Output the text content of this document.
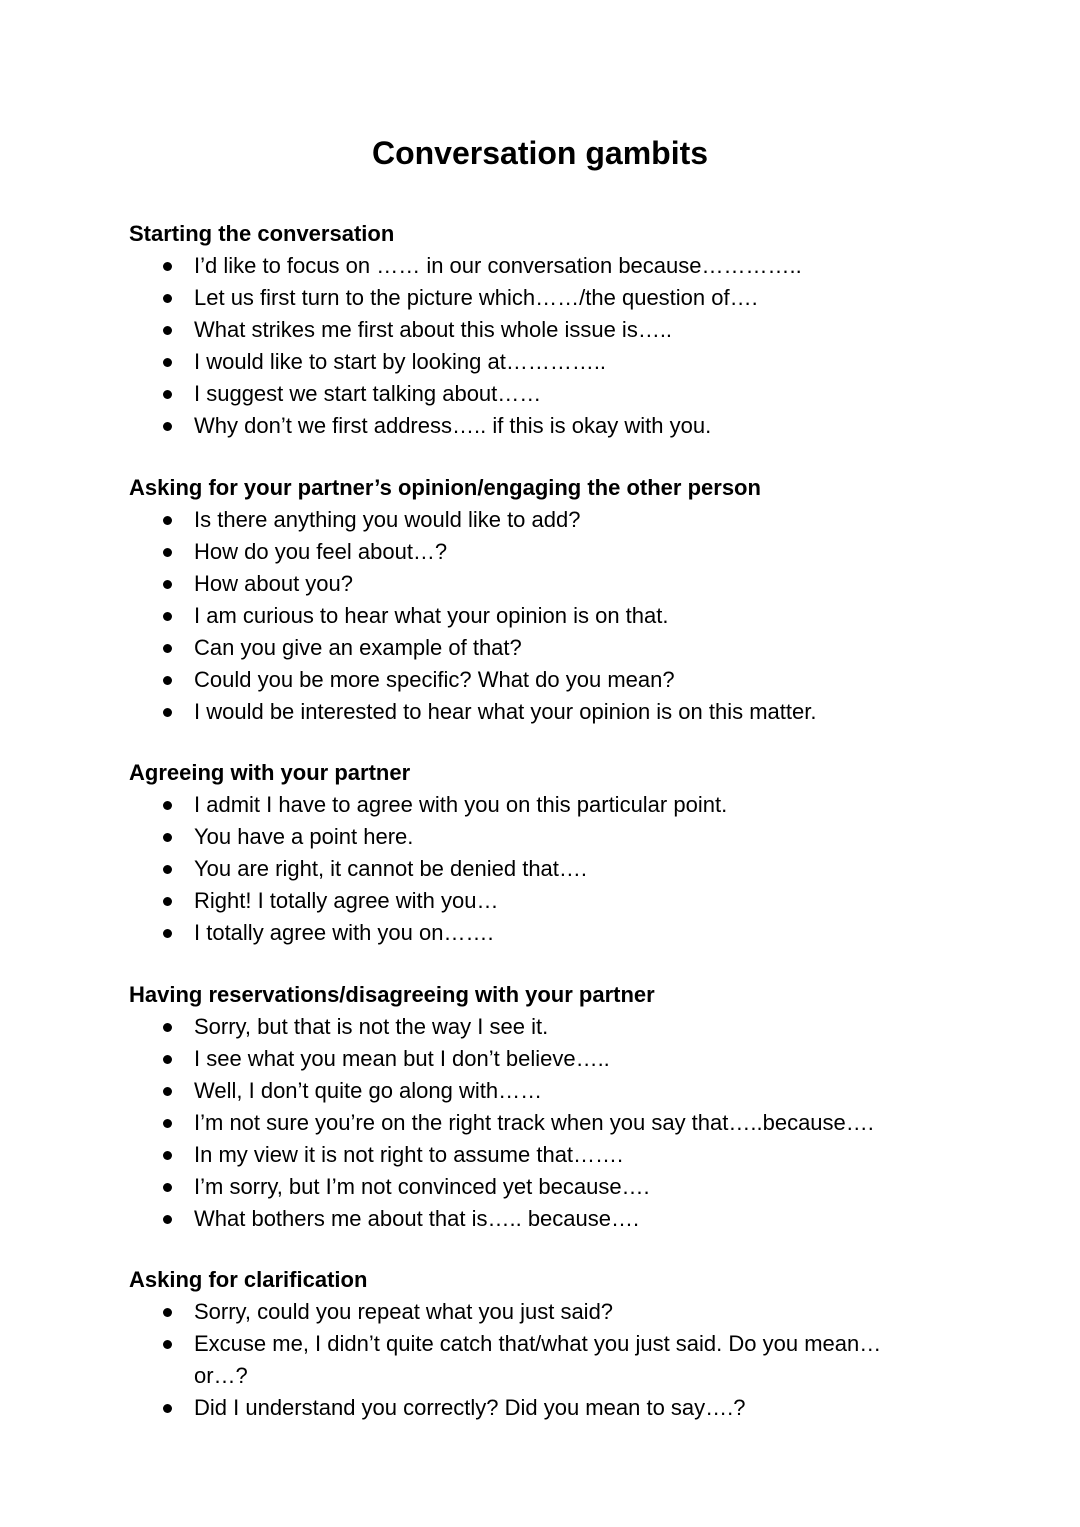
Conversation gambits
Starting the conversation
I’d like to focus on …… in our conversation because…………..
Let us first turn to the picture which……/the question of….
What strikes me first about this whole issue is…..
I would like to start by looking at…………..
I suggest we start talking about……
Why don’t we first address….. if this is okay with you.
Asking for your partner’s opinion/engaging the other person
Is there anything you would like to add?
How do you feel about…?
How about you?
I am curious to hear what your opinion is on that.
Can you give an example of that?
Could you be more specific? What do you mean?
I would be interested to hear what your opinion is on this matter.
Agreeing with your partner
I admit I have to agree with you on this particular point.
You have a point here.
You are right, it cannot be denied that….
Right! I totally agree with you…
I totally agree with you on…….
Having reservations/disagreeing with your partner
Sorry, but that is not the way I see it.
I see what you mean but I don’t believe…..
Well, I don’t quite go along with……
I’m not sure you’re on the right track when you say that…..because….
In my view it is not right to assume that…….
I’m sorry, but I’m not convinced yet because….
What bothers me about that is….. because….
Asking for clarification
Sorry, could you repeat what you just said?
Excuse me, I didn’t quite catch that/what you just said. Do you mean… or…?
Did I understand you correctly? Did you mean to say….?
